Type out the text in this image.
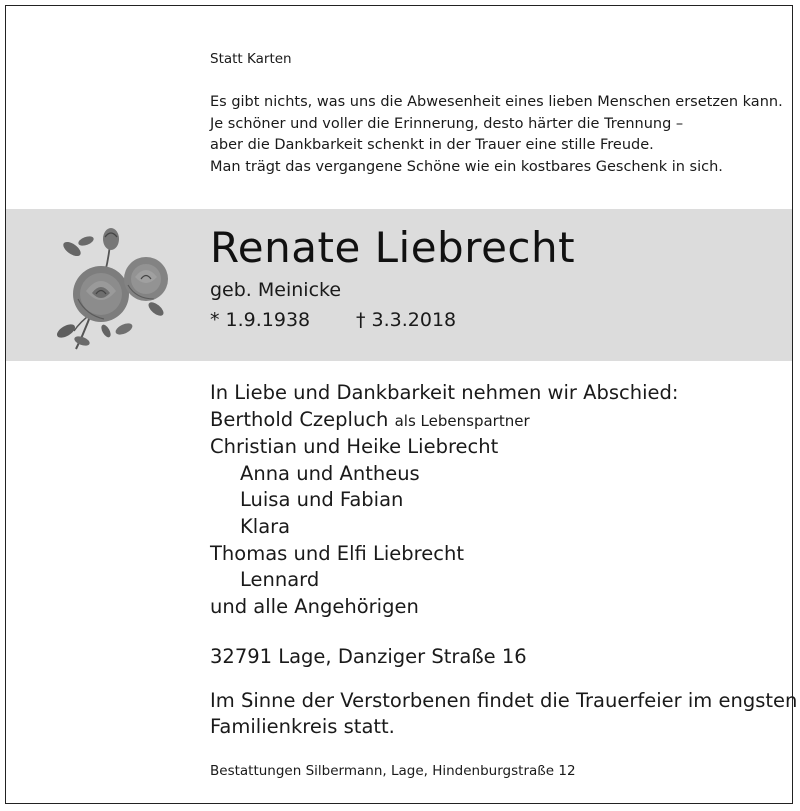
Statt Karten
Es gibt nichts, was uns die Abwesenheit eines lieben Menschen ersetzen kann.
Je schöner und voller die Erinnerung, desto härter die Trennung –
aber die Dankbarkeit schenkt in der Trauer eine stille Freude.
Man trägt das vergangene Schöne wie ein kostbares Geschenk in sich.
Renate Liebrecht
geb. Meinicke
* 1.9.1938 † 3.3.2018
In Liebe und Dankbarkeit nehmen wir Abschied:
Berthold Czepluch als Lebenspartner
Christian und Heike Liebrecht
Anna und Antheus
Luisa und Fabian
Klara
Thomas und Elfi Liebrecht
Lennard
und alle Angehörigen
32791 Lage, Danziger Straße 16
Im Sinne der Verstorbenen findet die Trauerfeier im engsten
Familienkreis statt.
Bestattungen Silbermann, Lage, Hindenburgstraße 12
